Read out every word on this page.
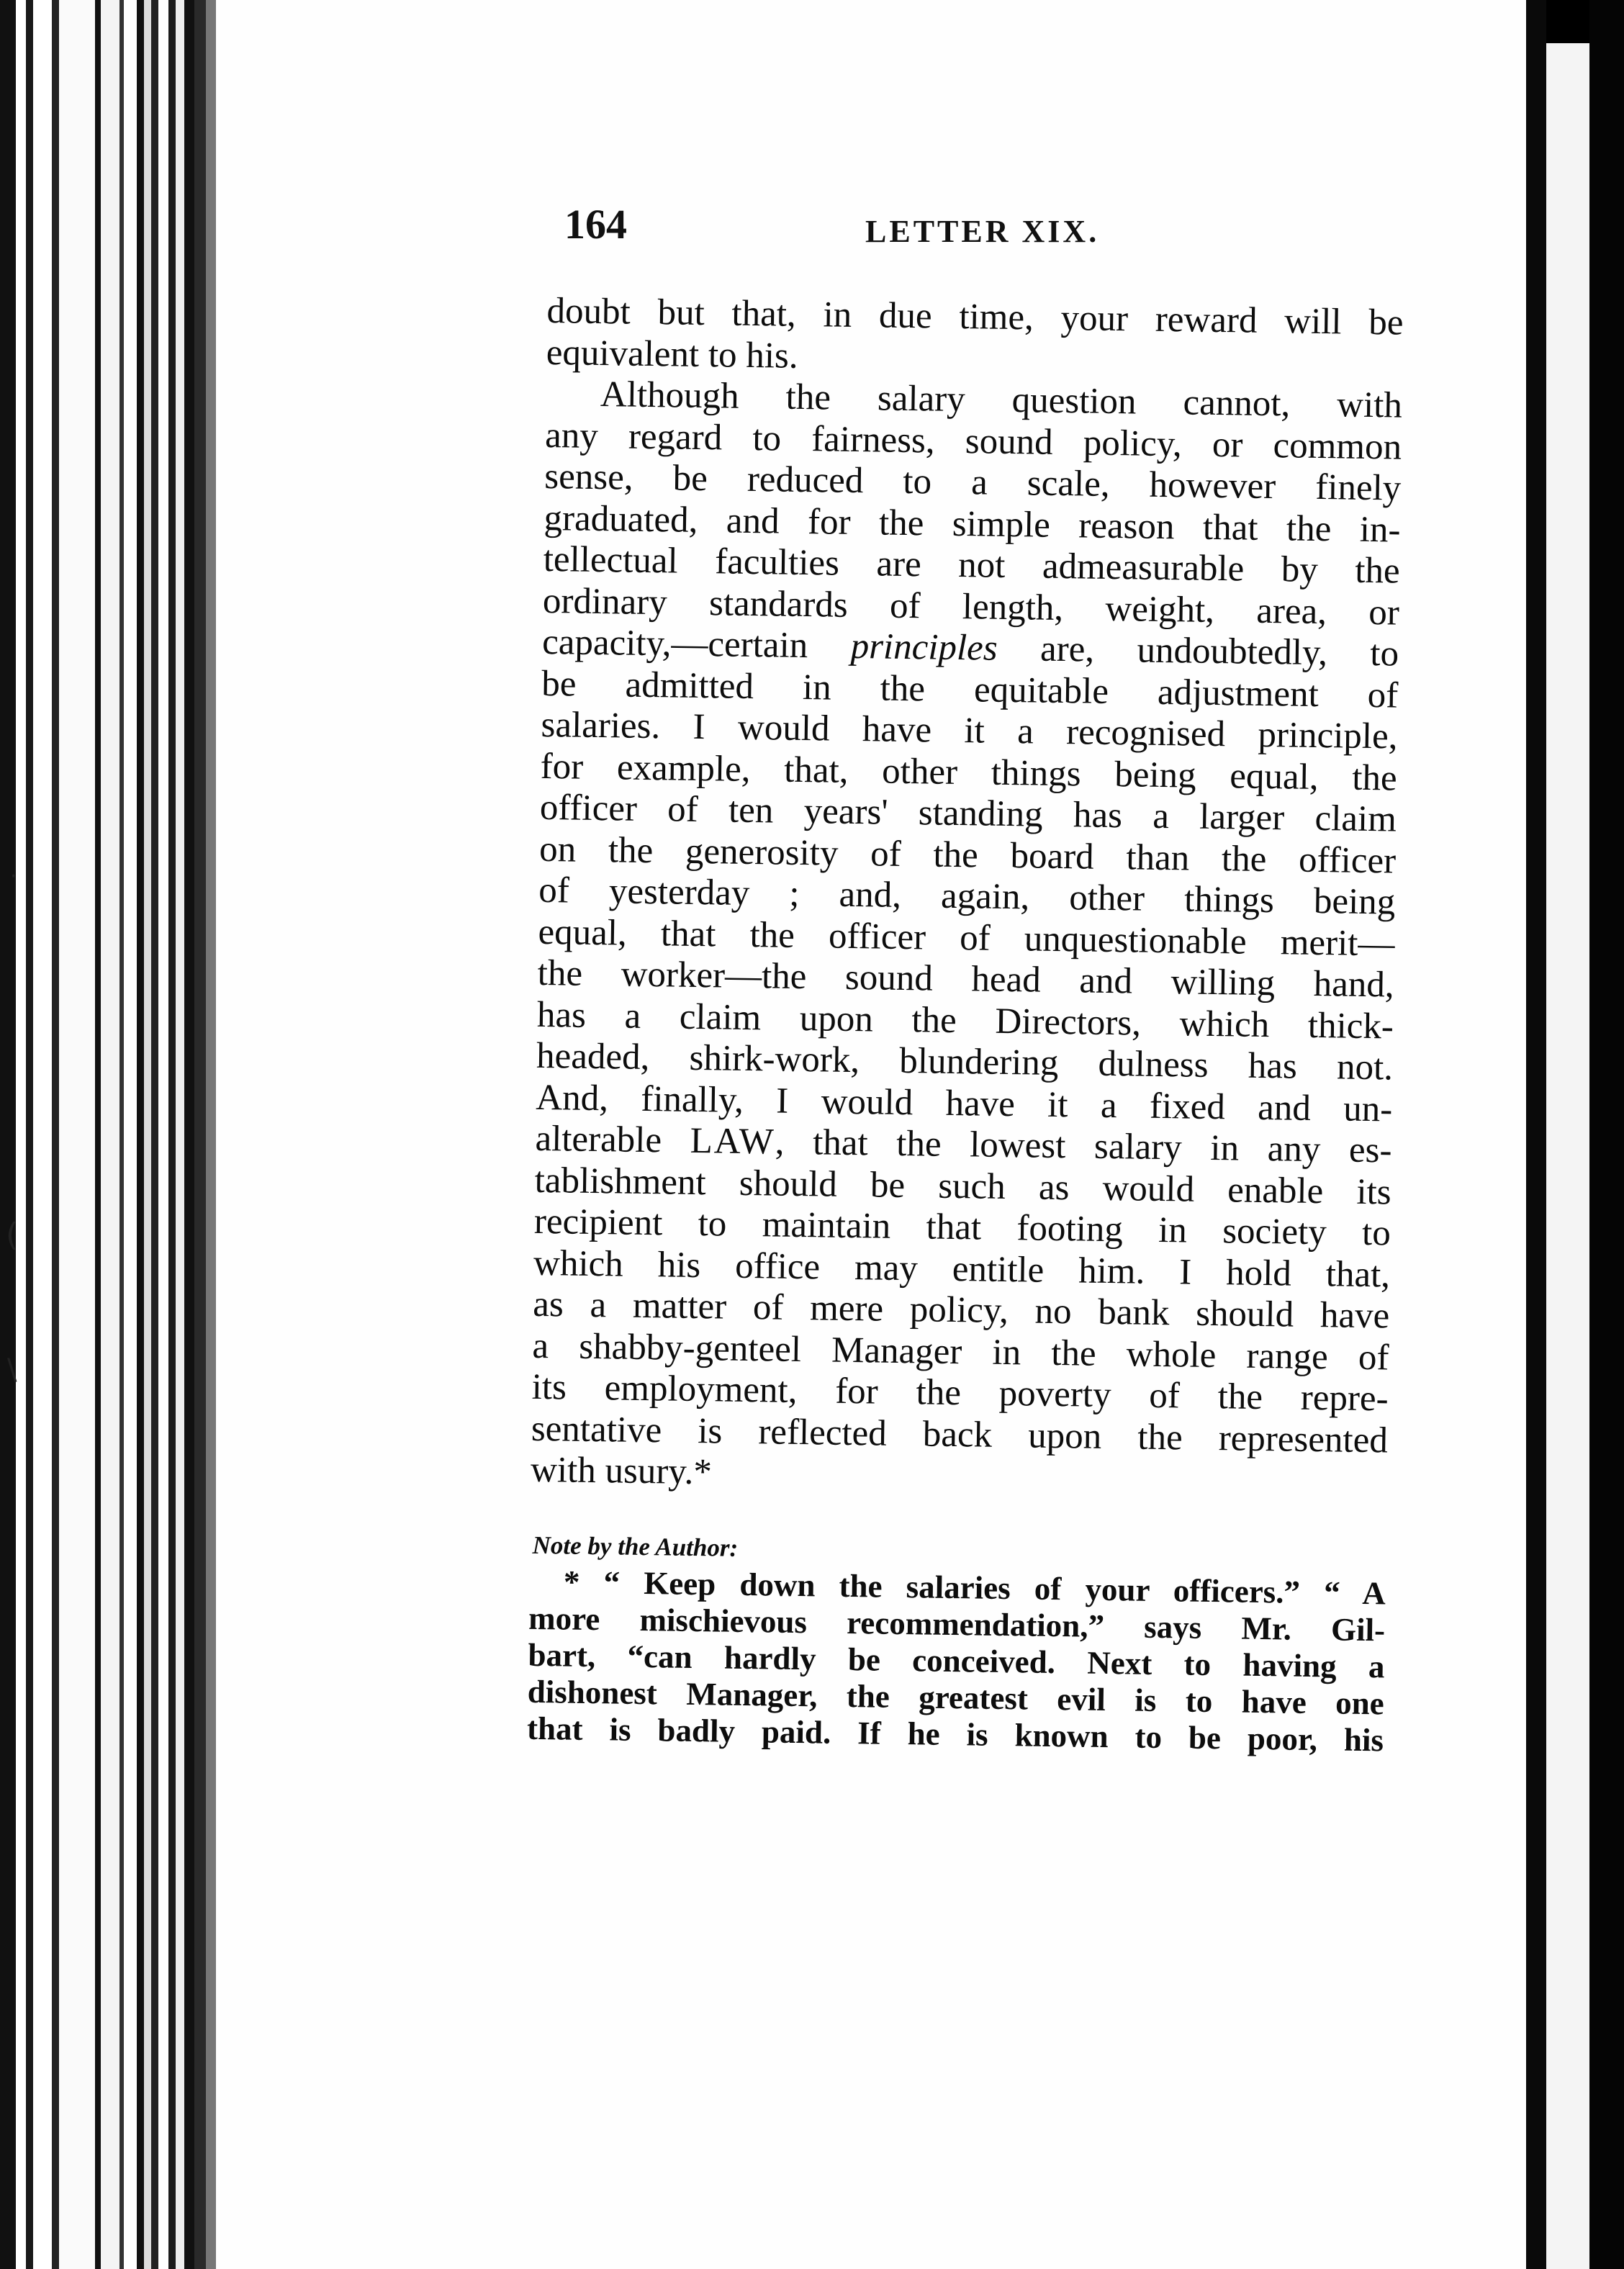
·
(
\
164	LETTER XIX.
doubt but that, in due time, your reward will be
equivalent to his.
Although the salary question cannot, with
any regard to fairness, sound policy, or common
sense, be reduced to a scale, however finely
graduated, and for the simple reason that the in-
tellectual faculties are not admeasurable by the
ordinary standards of length, weight, area, or
capacity,—certain principles are, undoubtedly, to
be admitted in the equitable adjustment of
salaries. I would have it a recognised principle,
for example, that, other things being equal, the
officer of ten years' standing has a larger claim
on the generosity of the board than the officer
of yesterday ; and, again, other things being
equal, that the officer of unquestionable merit—
the worker—the sound head and willing hand,
has a claim upon the Directors, which thick-
headed, shirk-work, blundering dulness has not.
And, finally, I would have it a fixed and un-
alterable LAW, that the lowest salary in any es-
tablishment should be such as would enable its
recipient to maintain that footing in society to
which his office may entitle him. I hold that,
as a matter of mere policy, no bank should have
a shabby-genteel Manager in the whole range of
its employment, for the poverty of the repre-
sentative is reflected back upon the represented
with usury.*
Note by the Author:
* “ Keep down the salaries of your officers.” “ A
more mischievous recommendation,” says Mr. Gil-
bart, “can hardly be conceived. Next to having a
dishonest Manager, the greatest evil is to have one
that is badly paid. If he is known to be poor, his
